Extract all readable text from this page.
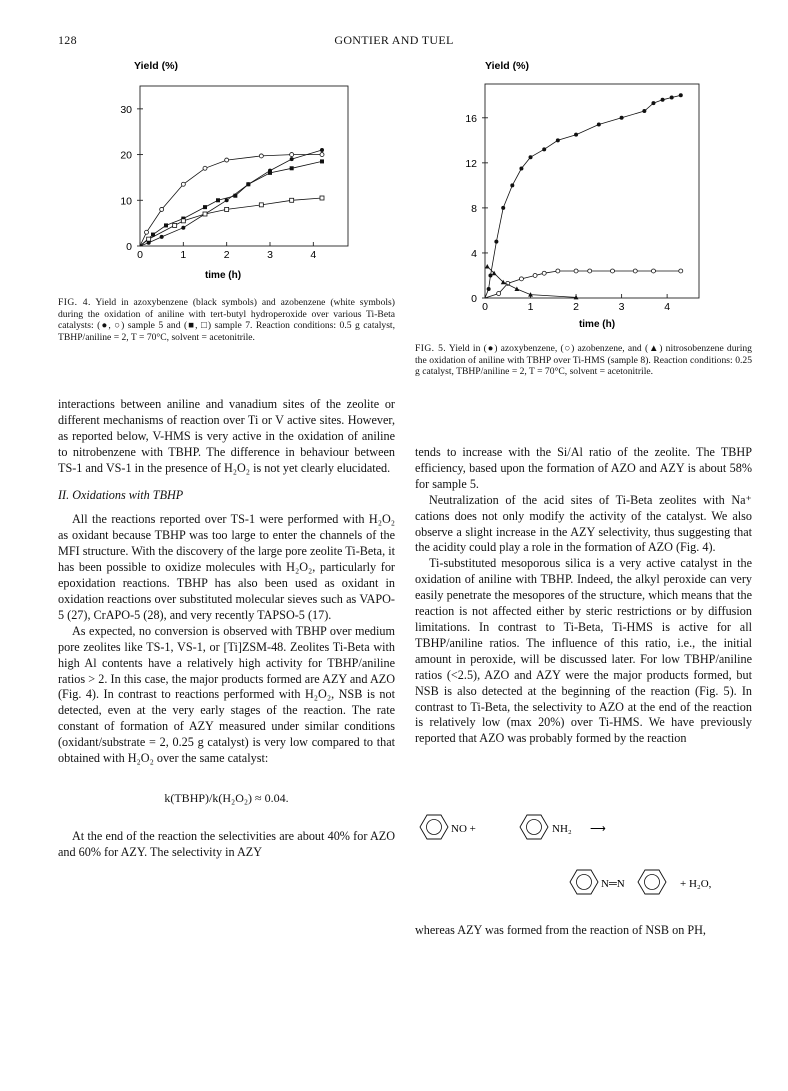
128	GONTIER AND TUEL
Yield (%)
time (h)
0	1	2	3	4
0
10
20
30
Yield (%)
time (h)
0	1	2	3	4
0
4
8
12
16
FIG. 4. Yield in azoxybenzene (black symbols) and azobenzene (white symbols) during the oxidation of aniline with tert-butyl hydroperoxide over various Ti-Beta catalysts: (●, ○) sample 5 and (■, □) sample 7. Reaction conditions: 0.5 g catalyst, TBHP/aniline = 2, T = 70°C, solvent = acetonitrile.
FIG. 5. Yield in (●) azoxybenzene, (○) azobenzene, and (▲) nitrosobenzene during the oxidation of aniline with TBHP over Ti-HMS (sample 8). Reaction conditions: 0.25 g catalyst, TBHP/aniline = 2, T = 70°C, solvent = acetonitrile.

interactions between aniline and vanadium sites of the zeolite or different mechanisms of reaction over Ti or V active sites. However, as reported below, V-HMS is very active in the oxidation of aniline to nitrobenzene with TBHP. The difference in behaviour between TS-1 and VS-1 in the presence of H₂O₂ is not yet clearly elucidated.

II. Oxidations with TBHP

All the reactions reported over TS-1 were performed with H₂O₂ as oxidant because TBHP was too large to enter the channels of the MFI structure. With the discovery of the large pore zeolite Ti-Beta, it has been possible to oxidize molecules with H₂O₂, particularly for epoxidation reactions. TBHP has also been used as oxidant in oxidation reactions over substituted molecular sieves such as VAPO-5 (27), CrAPO-5 (28), and very recently TAPSO-5 (17).

As expected, no conversion is observed with TBHP over medium pore zeolites like TS-1, VS-1, or [Ti]ZSM-48. Zeolites Ti-Beta with high Al contents have a relatively high activity for TBHP/aniline ratios > 2. In this case, the major products formed are AZY and AZO (Fig. 4). In contrast to reactions performed with H₂O₂, NSB is not detected, even at the very early stages of the reaction. The rate constant of formation of AZY measured under similar conditions (oxidant/substrate = 2, 0.25 g catalyst) is very low compared to that obtained with H₂O₂ over the same catalyst:

k(TBHP)/k(H₂O₂) ≈ 0.04.

At the end of the reaction the selectivities are about 40% for AZO and 60% for AZY. The selectivity in AZY

tends to increase with the Si/Al ratio of the zeolite. The TBHP efficiency, based upon the formation of AZO and AZY is about 58% for sample 5.

Neutralization of the acid sites of Ti-Beta zeolites with Na⁺ cations does not only modify the activity of the catalyst. We also observe a slight increase in the AZY selectivity, thus suggesting that the acidity could play a role in the formation of AZO (Fig. 4).

Ti-substituted mesoporous silica is a very active catalyst in the oxidation of aniline with TBHP. Indeed, the alkyl peroxide can very easily penetrate the mesopores of the structure, which means that the reaction is not affected either by steric restrictions or by diffusion limitations. In contrast to Ti-Beta, Ti-HMS is active for all TBHP/aniline ratios. The influence of this ratio, i.e., the initial amount in peroxide, will be discussed later. For low TBHP/aniline ratios (<2.5), AZO and AZY were the major products formed, but NSB is also detected at the beginning of the reaction (Fig. 5). In contrast to Ti-Beta, the selectivity to AZO at the end of the reaction is relatively low (max 20%) over Ti-HMS. We have previously reported that AZO was probably formed by the reaction

NO +	NH₂ ⟶
N═N	+ H₂O,
whereas AZY was formed from the reaction of NSB on PH,
